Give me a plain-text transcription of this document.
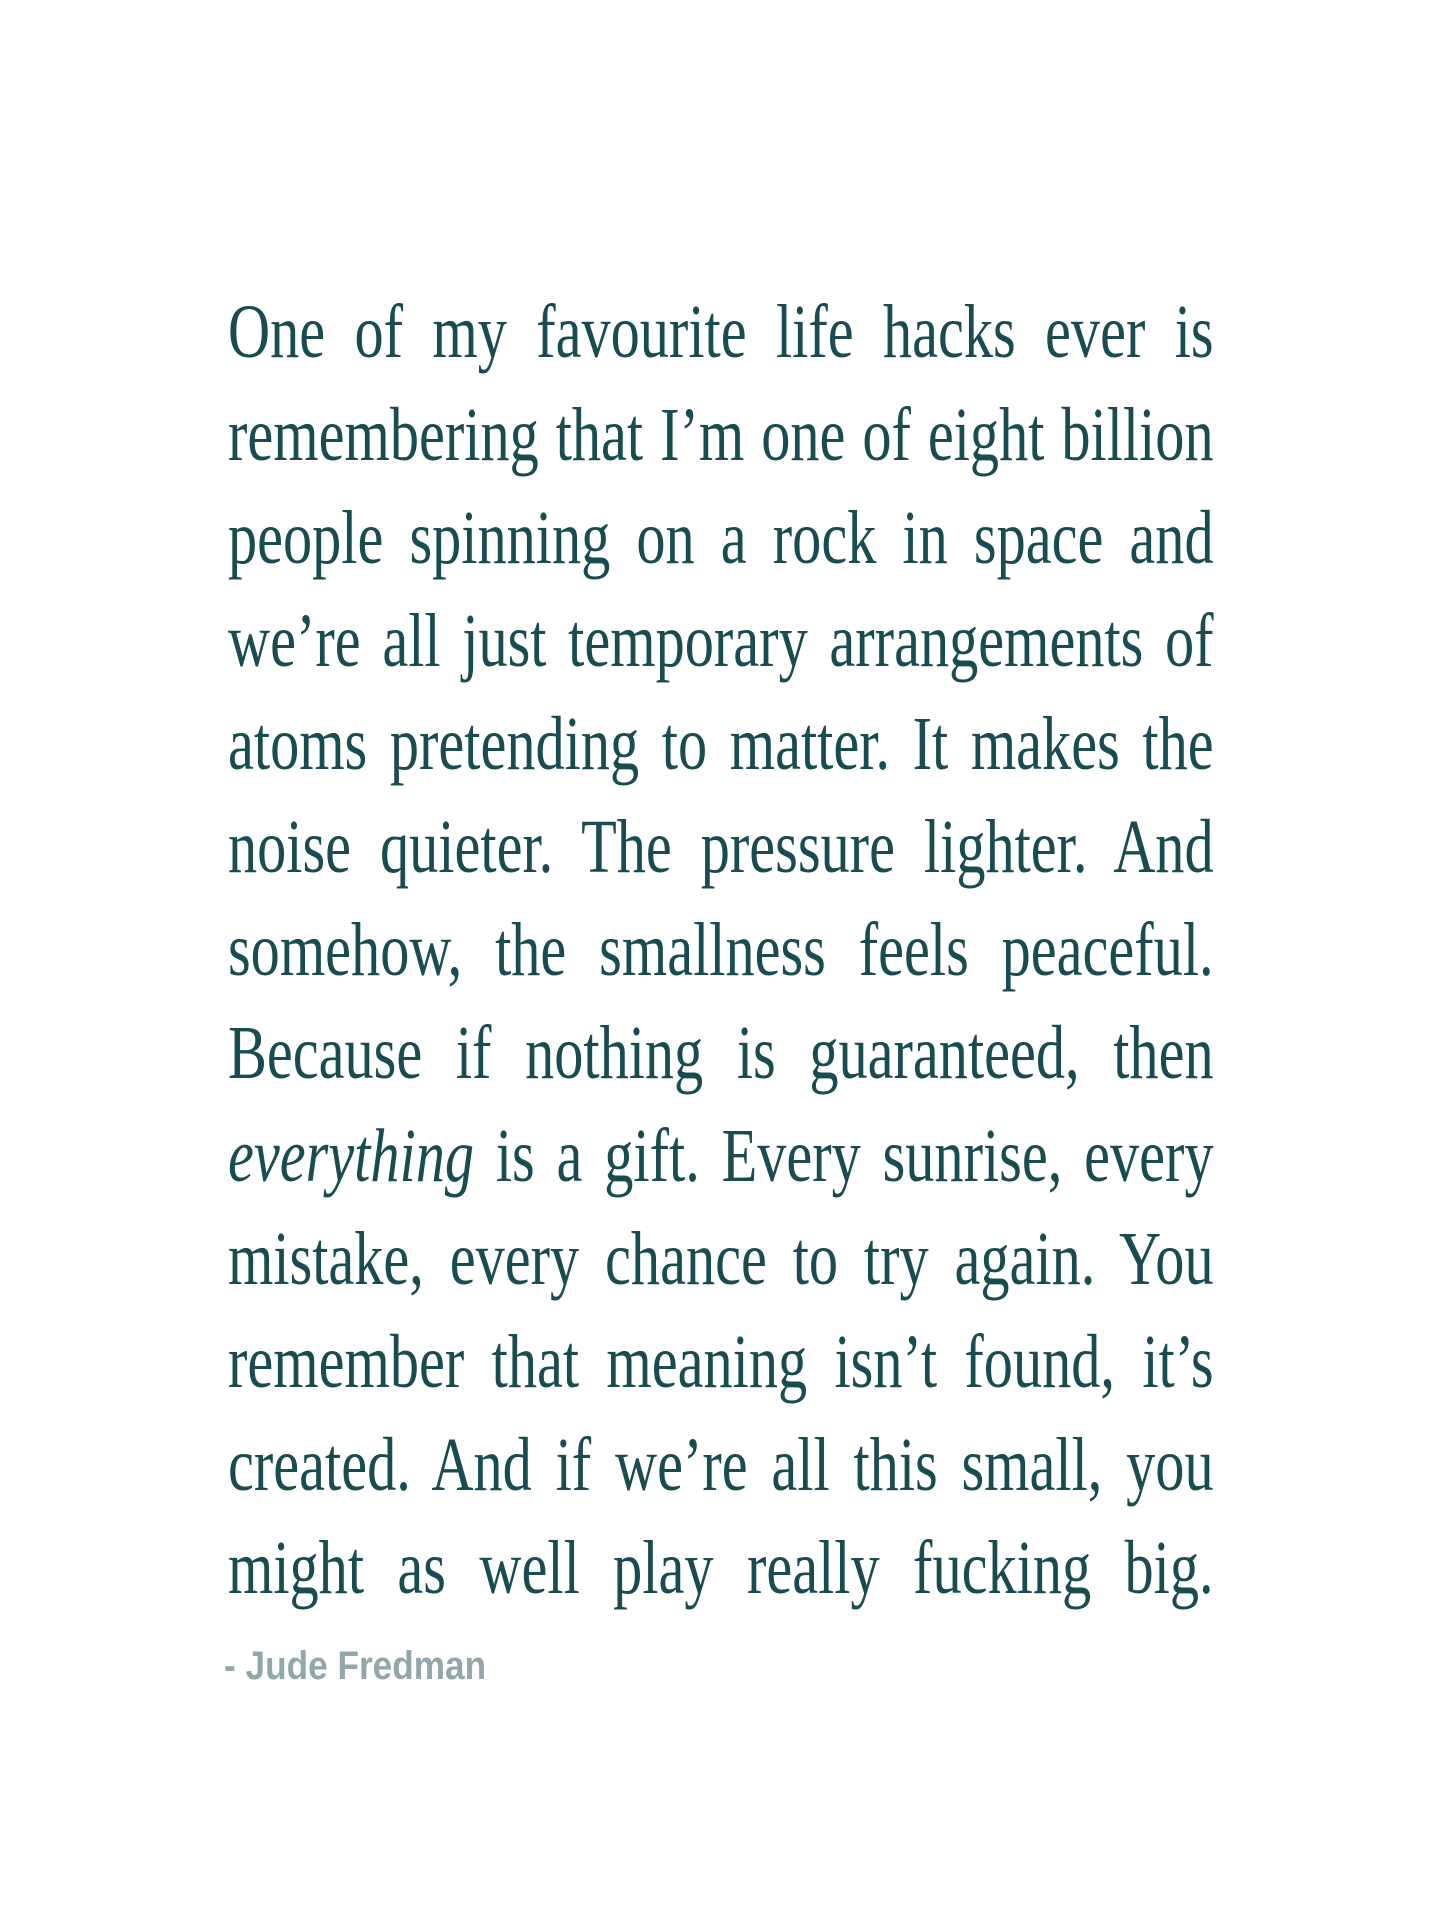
One of my favourite life hacks ever is
remembering that I’m one of eight billion
people spinning on a rock in space and
we’re all just temporary arrangements of
atoms pretending to matter. It makes the
noise quieter. The pressure lighter. And
somehow, the smallness feels peaceful.
Because if nothing is guaranteed, then
everything is a gift. Every sunrise, every
mistake, every chance to try again. You
remember that meaning isn’t found, it’s
created. And if we’re all this small, you
might as well play really fucking big.
- Jude Fredman
